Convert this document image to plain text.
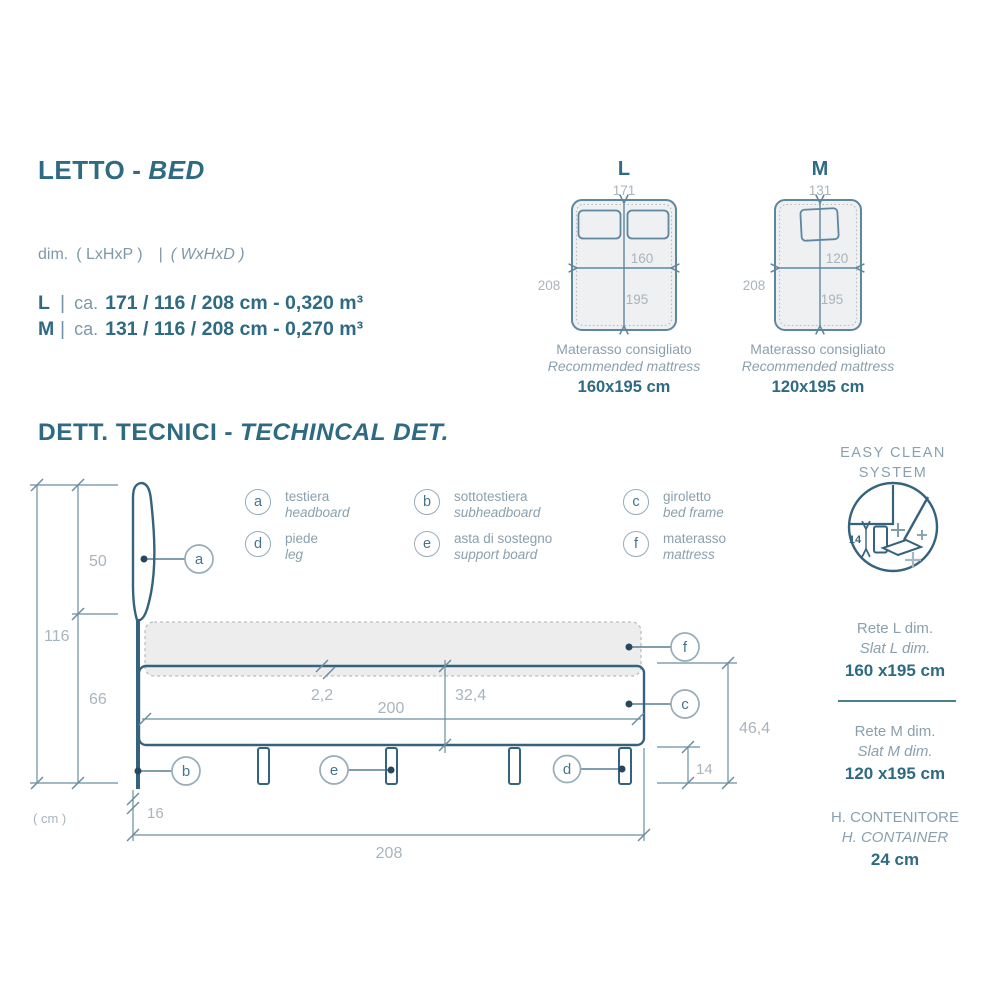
171
208
160
195
131
208
120
195
50
116
66
( cm )	16
2,2
200
32,4
46,4
14
208
a
b	e	d
f
c
14
LETTO - BED
dim. ( LxHxP ) | ( WxHxD )
L | ca. 171 / 116 / 208 cm - 0,320 m³
M | ca. 131 / 116 / 208 cm - 0,270 m³
L	M
Materasso consigliato
Recommended mattress
160x195 cm
Materasso consigliato
Recommended mattress
120x195 cm
DETT. TECNICI - TECHINCAL DET.
a	testiera
headboard
b	sottotestiera
subheadboard
c	giroletto
bed frame
d	piede
leg
e	asta di sostegno
support board
f	materasso
mattress
EASY CLEAN
SYSTEM
Rete L dim.
Slat L dim.
160 x195 cm
Rete M dim.
Slat M dim.
120 x195 cm
H. CONTENITORE
H. CONTAINER
24 cm
